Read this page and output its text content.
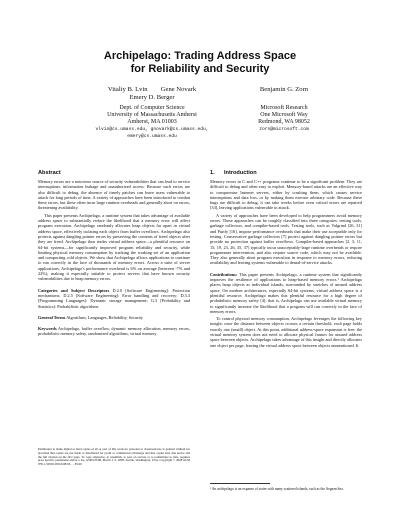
Archipelago: Trading Address Space
for Reliability and Security
Vitaliy B. Lvin        Gene Novark
Emery D. Berger
Dept. of Computer Science
University of Massachusetts Amherst
Amherst, MA 01003
vlvin@cs.umass.edu, gnovark@cs.umass.edu,
emery@cs.umass.edu
Benjamin G. Zorn
Microsoft Research
One Microsoft Way
Redmond, WA 98052
zorn@microsoft.com
Abstract

Memory errors are a notorious source of security vulnerabilities that can lead to service interruptions, information leakage and unauthorized access. Because such errors are also difficult to debug, the absence of timely patches can leave users vulnerable to attack for long periods of time. A variety of approaches have been introduced to combat these errors, but these often incur large runtime overheads and generally abort on errors, threatening availability.

This paper presents Archipelago, a runtime system that takes advantage of available address space to substantially reduce the likelihood that a memory error will affect program execution. Archipelago randomly allocates heap objects far apart in virtual address space, effectively isolating each object from buffer overflows. Archipelago also protects against dangling pointer errors by preserving the contents of freed objects after they are freed. Archipelago thus trades virtual address space—a plentiful resource on 64-bit systems—for significantly improved program reliability and security, while limiting physical memory consumption by tracking the working set of an application and compacting cold objects. We show that Archipelago allows applications to continue to run correctly in the face of thousands of memory errors. Across a suite of server applications, Archipelago's performance overhead is 6% on average (between -7% and 22%), making it especially suitable to protect servers that have known security vulnerabilities due to heap memory errors.

Categories and Subject Descriptors D.2.0 [Software Engineering]: Protection mechanisms; D.2.5 [Software Engineering]: Error handling and recovery; D.3.3 [Programming Languages]: Dynamic storage management; G.3 [Probability and Statistics]: Probabilistic algorithms

General Terms Algorithms, Languages, Reliability, Security

Keywords Archipelago, buffer overflow, dynamic memory allocation, memory errors, probabilistic memory safety, randomized algorithms, virtual memory

Permission to make digital or hard copies of all or part of this work for personal or classroom use is granted without fee provided that copies are not made or distributed for profit or commercial advantage and that copies bear this notice and the full citation on the first page. To copy otherwise, to republish, to post on servers or to redistribute to lists, requires prior specific permission and/or a fee. ASPLOS'08, March 1–5, 2008, Seattle, Washington, USA. Copyright © 2008 ACM 978-1-59593-958-6/08/03. . . $5.00
1. Introduction

Memory errors in C and C++ programs continue to be a significant problem. They are difficult to debug and often easy to exploit. Memory-based attacks are an effective way to compromise Internet servers, either by crashing them, which causes service interruptions and data loss, or by making them execute arbitrary code. Because these bugs are difficult to debug, it can take weeks before even critical errors are repaired [33], leaving applications vulnerable to attack.

A variety of approaches have been developed to help programmers avoid memory errors. These approaches can be roughly classified into three categories: testing tools, garbage collectors, and compiler-based tools. Testing tools, such as Valgrind [26, 31] and Purify [16], impose performance overheads that make their use acceptable only for testing. Conservative garbage collectors [7] protect against dangling pointer errors but provide no protection against buffer overflows. Compiler-based approaches [2, 3, 11, 15, 19, 23, 26, 35, 37] typically incur unacceptably-large runtime overheads or require programmer intervention, and also require source code, which may not be available. They also generally abort program execution in response to memory errors, reducing availability and leaving systems vulnerable to denial-of-service attacks.

Contributions: This paper presents Archipelago, a runtime system that significantly improves the resilience of applications to heap-based memory errors.¹ Archipelago places heap objects as individual islands, surrounded by stretches of unused address space. On modern architectures, especially 64-bit systems, virtual address space is a plentiful resource. Archipelago makes this plentiful resource for a high degree of probabilistic memory safety [4]; that is, Archipelago can use available virtual memory to significantly increase the likelihood that a program will run correctly in the face of memory errors.

To control physical memory consumption, Archipelago leverages the following key insight: once the distance between objects crosses a certain threshold, each page holds exactly one (small) object. At this point, additional address-space expansion is free: the virtual memory system does not need to allocate physical frames for unused address space between objects. Archipelago takes advantage of this insight and directly allocates one object per page, leaving the virtual address space between objects unmentioned. It

¹ An archipelago is an expanse of water with many scattered islands, such as the Aegean Sea.
